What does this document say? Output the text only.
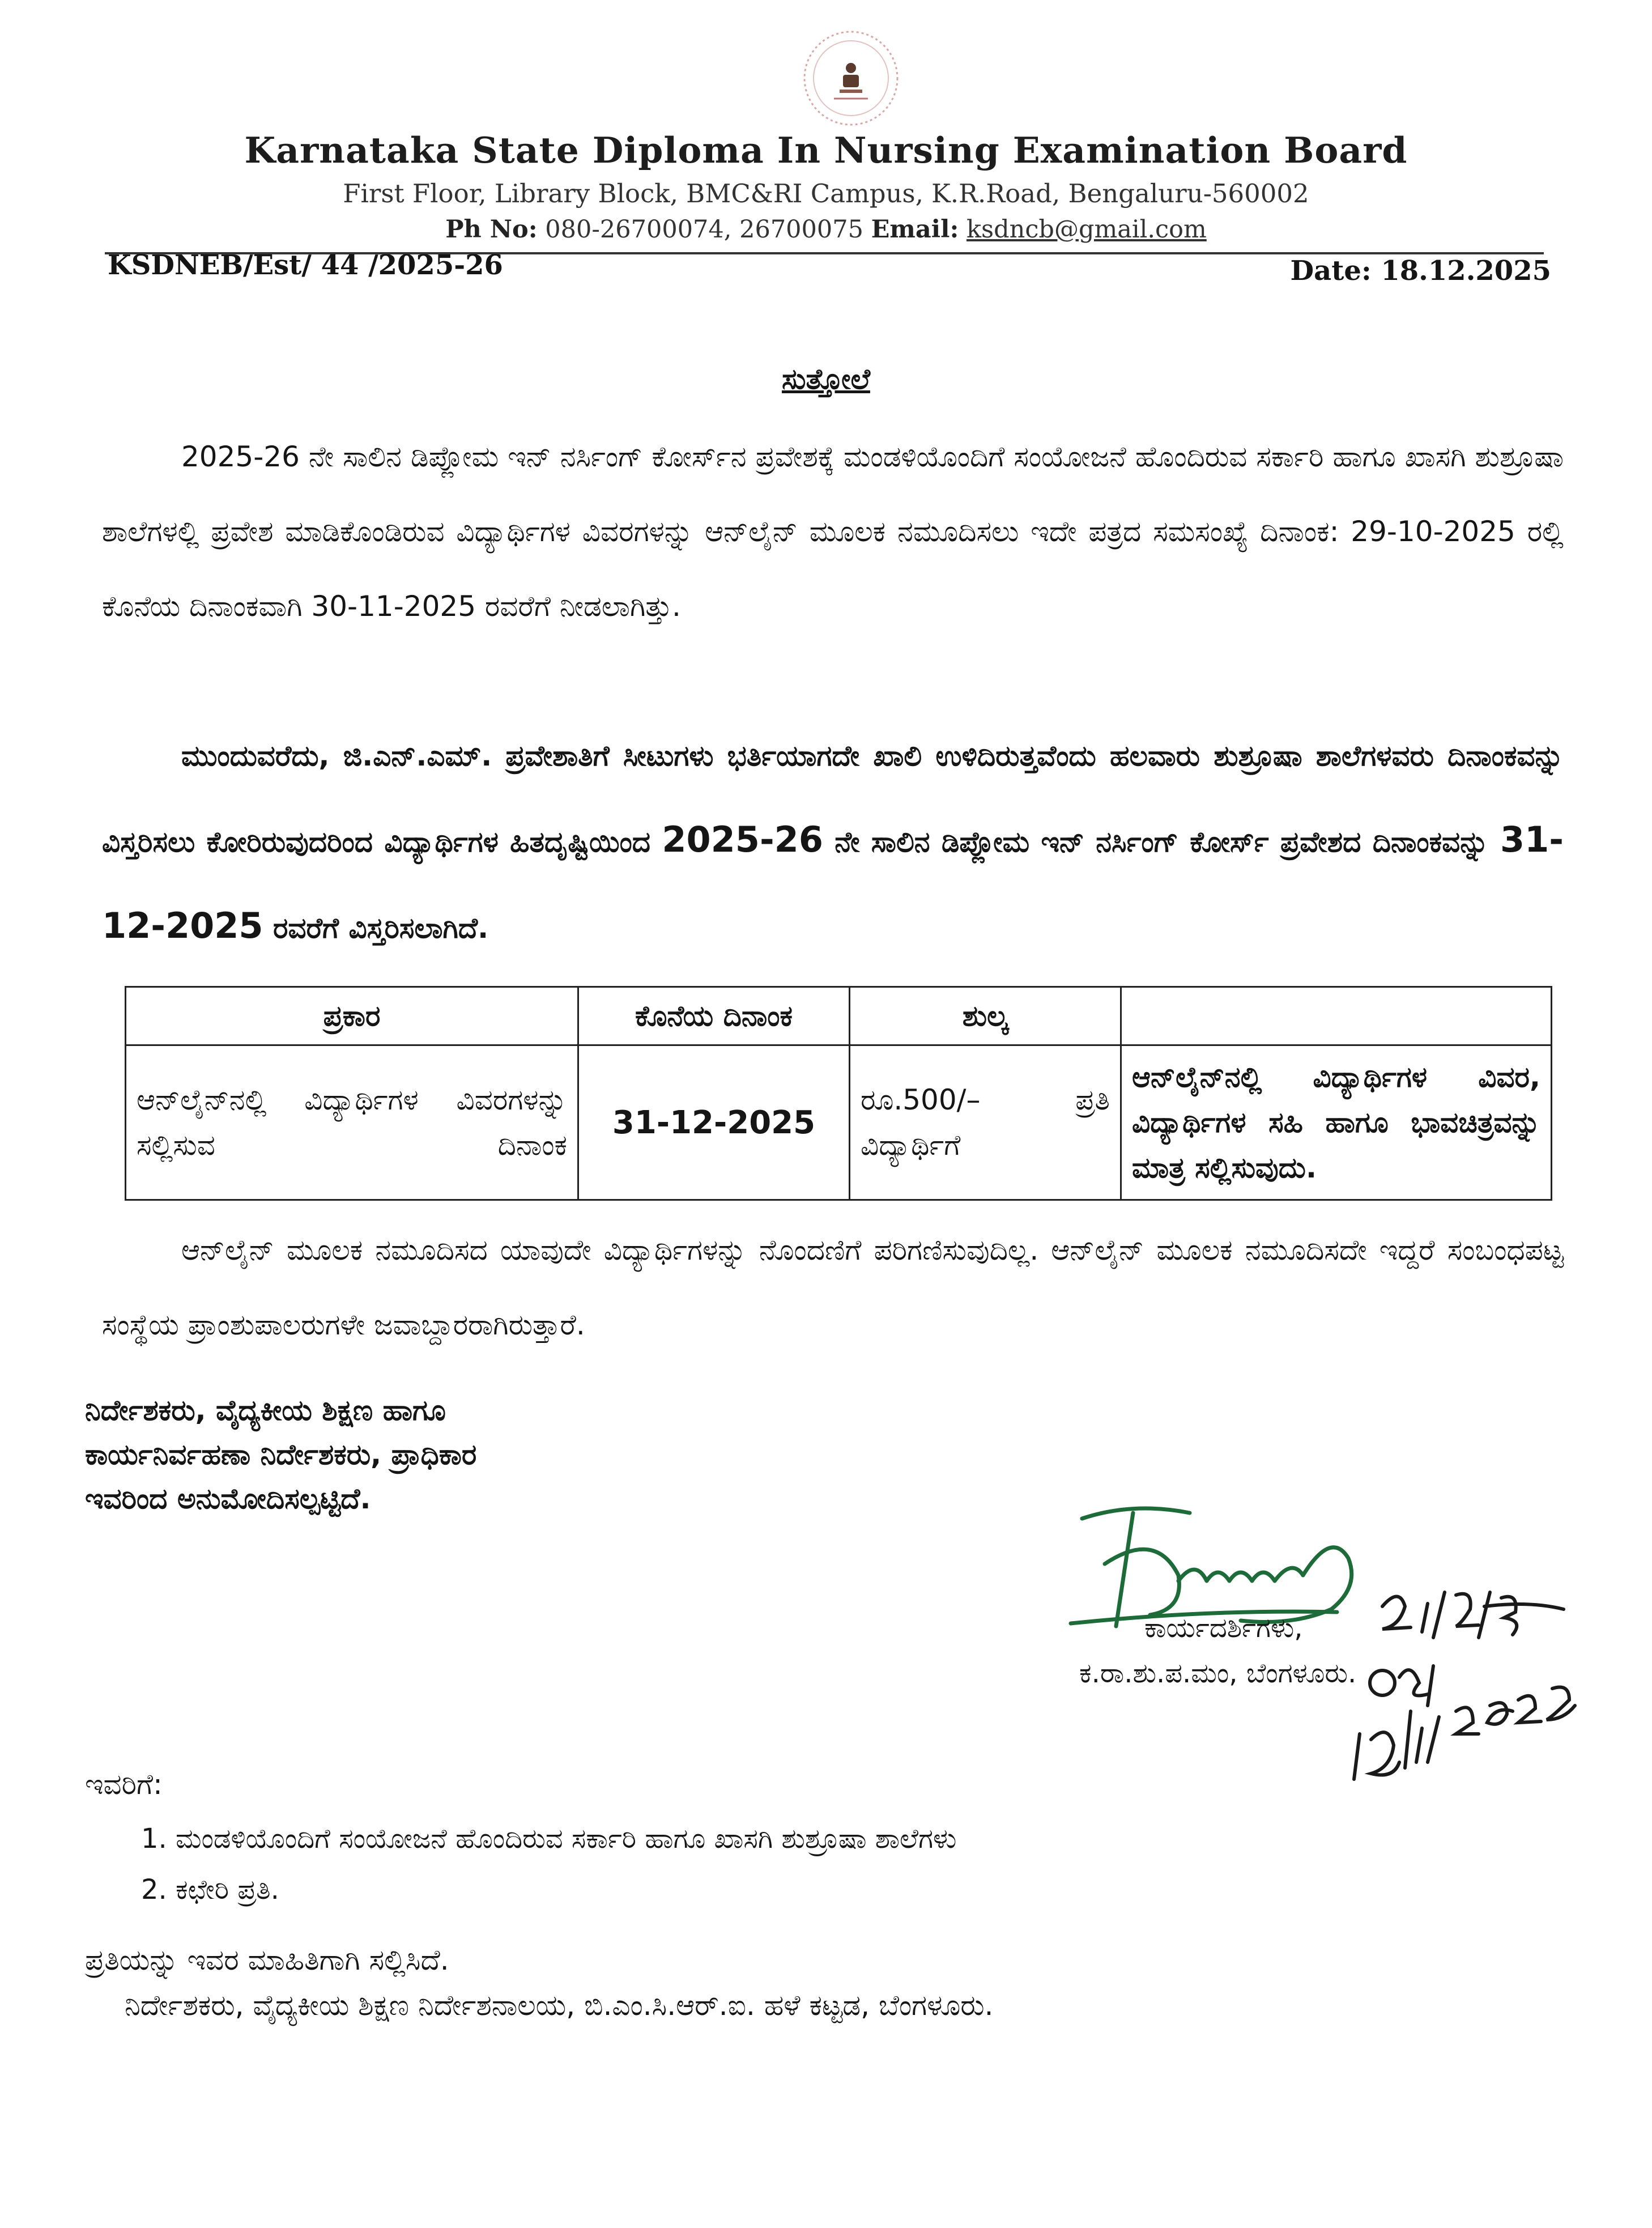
Karnataka State Diploma In Nursing Examination Board
First Floor, Library Block, BMC&RI Campus, K.R.Road, Bengaluru-560002
Ph No: 080-26700074, 26700075 Email: ksdncb@gmail.com
KSDNEB/Est/ 44 /2025-26	Date: 18.12.2025
ಸುತ್ತೋಲೆ
2025-26 ನೇ ಸಾಲಿನ ಡಿಪ್ಲೋಮ ಇನ್ ನರ್ಸಿಂಗ್ ಕೋರ್ಸ್‌ನ ಪ್ರವೇಶಕ್ಕೆ ಮಂಡಳಿಯೊಂದಿಗೆ ಸಂಯೋಜನೆ ಹೊಂದಿರುವ ಸರ್ಕಾರಿ ಹಾಗೂ ಖಾಸಗಿ ಶುಶ್ರೂಷಾ ಶಾಲೆಗಳಲ್ಲಿ ಪ್ರವೇಶ ಮಾಡಿಕೊಂಡಿರುವ ವಿದ್ಯಾರ್ಥಿಗಳ ವಿವರಗಳನ್ನು ಆನ್‌ಲೈನ್ ಮೂಲಕ ನಮೂದಿಸಲು ಇದೇ ಪತ್ರದ ಸಮಸಂಖ್ಯೆ ದಿನಾಂಕ: 29-10-2025 ರಲ್ಲಿ ಕೊನೆಯ ದಿನಾಂಕವಾಗಿ 30-11-2025 ರವರೆಗೆ ನೀಡಲಾಗಿತ್ತು.
ಮುಂದುವರೆದು, ಜಿ.ಎನ್.ಎಮ್. ಪ್ರವೇಶಾತಿಗೆ ಸೀಟುಗಳು ಭರ್ತಿಯಾಗದೇ ಖಾಲಿ ಉಳಿದಿರುತ್ತವೆಂದು ಹಲವಾರು ಶುಶ್ರೂಷಾ ಶಾಲೆಗಳವರು ದಿನಾಂಕವನ್ನು ವಿಸ್ತರಿಸಲು ಕೋರಿರುವುದರಿಂದ ವಿದ್ಯಾರ್ಥಿಗಳ ಹಿತದೃಷ್ಟಿಯಿಂದ 2025-26 ನೇ ಸಾಲಿನ ಡಿಪ್ಲೋಮ ಇನ್ ನರ್ಸಿಂಗ್ ಕೋರ್ಸ್ ಪ್ರವೇಶದ ದಿನಾಂಕವನ್ನು 31-12-2025 ರವರೆಗೆ ವಿಸ್ತರಿಸಲಾಗಿದೆ.
ಪ್ರಕಾರ	ಕೊನೆಯ ದಿನಾಂಕ	ಶುಲ್ಕ	
ಆನ್‌ಲೈನ್‌ನಲ್ಲಿ ವಿದ್ಯಾರ್ಥಿಗಳ ವಿವರಗಳನ್ನು ಸಲ್ಲಿಸುವ ದಿನಾಂಕ	31-12-2025	ರೂ.500/– ಪ್ರತಿ ವಿದ್ಯಾರ್ಥಿಗೆ	ಆನ್‌ಲೈನ್‌ನಲ್ಲಿ ವಿದ್ಯಾರ್ಥಿಗಳ ವಿವರ, ವಿದ್ಯಾರ್ಥಿಗಳ ಸಹಿ ಹಾಗೂ ಭಾವಚಿತ್ರವನ್ನು ಮಾತ್ರ ಸಲ್ಲಿಸುವುದು.
ಆನ್‌ಲೈನ್ ಮೂಲಕ ನಮೂದಿಸದ ಯಾವುದೇ ವಿದ್ಯಾರ್ಥಿಗಳನ್ನು ನೊಂದಣಿಗೆ ಪರಿಗಣಿಸುವುದಿಲ್ಲ. ಆನ್‌ಲೈನ್ ಮೂಲಕ ನಮೂದಿಸದೇ ಇದ್ದರೆ ಸಂಬಂಧಪಟ್ಟ ಸಂಸ್ಥೆಯ ಪ್ರಾಂಶುಪಾಲರುಗಳೇ ಜವಾಬ್ದಾರರಾಗಿರುತ್ತಾರೆ.
ನಿರ್ದೇಶಕರು, ವೈದ್ಯಕೀಯ ಶಿಕ್ಷಣ ಹಾಗೂ
ಕಾರ್ಯನಿರ್ವಹಣಾ ನಿರ್ದೇಶಕರು, ಪ್ರಾಧಿಕಾರ
ಇವರಿಂದ ಅನುಮೋದಿಸಲ್ಪಟ್ಟಿದೆ.
ಕಾರ್ಯದರ್ಶಿಗಳು,
ಕ.ರಾ.ಶು.ಪ.ಮಂ, ಬೆಂಗಳೂರು.
ಇವರಿಗೆ:
1. ಮಂಡಳಿಯೊಂದಿಗೆ ಸಂಯೋಜನೆ ಹೊಂದಿರುವ ಸರ್ಕಾರಿ ಹಾಗೂ ಖಾಸಗಿ ಶುಶ್ರೂಷಾ ಶಾಲೆಗಳು
2. ಕಛೇರಿ ಪ್ರತಿ.
ಪ್ರತಿಯನ್ನು ಇವರ ಮಾಹಿತಿಗಾಗಿ ಸಲ್ಲಿಸಿದೆ.
ನಿರ್ದೇಶಕರು, ವೈದ್ಯಕೀಯ ಶಿಕ್ಷಣ ನಿರ್ದೇಶನಾಲಯ, ಬಿ.ಎಂ.ಸಿ.ಆರ್.ಐ. ಹಳೆ ಕಟ್ಟಡ, ಬೆಂಗಳೂರು.
